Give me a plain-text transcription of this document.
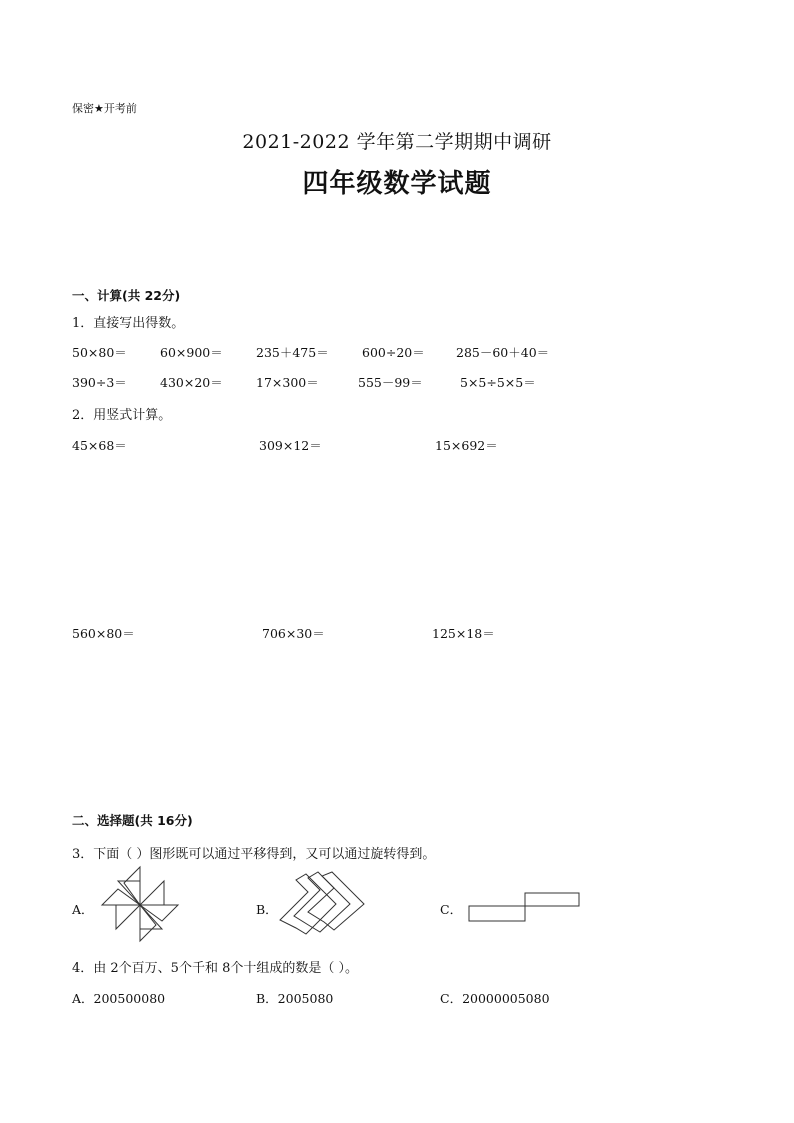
保密★开考前
2021-2022 学年第二学期期中调研
四年级数学试题
一、计算(共 22分)
1．直接写出得数。
50×80＝	60×900＝	235＋475＝	600÷20＝	285－60＋40＝
390÷3＝	430×20＝	17×300＝	555－99＝	5×5÷5×5＝
2．用竖式计算。
45×68＝	309×12＝	15×692＝
560×80＝	706×30＝	125×18＝
二、选择题(共 16分)
3．下面（ ）图形既可以通过平移得到，又可以通过旋转得到。
A．	B．	C．
4．由 2个百万、5个千和 8个十组成的数是（ ）。
A．200500080	B．2005080	C．20000005080
